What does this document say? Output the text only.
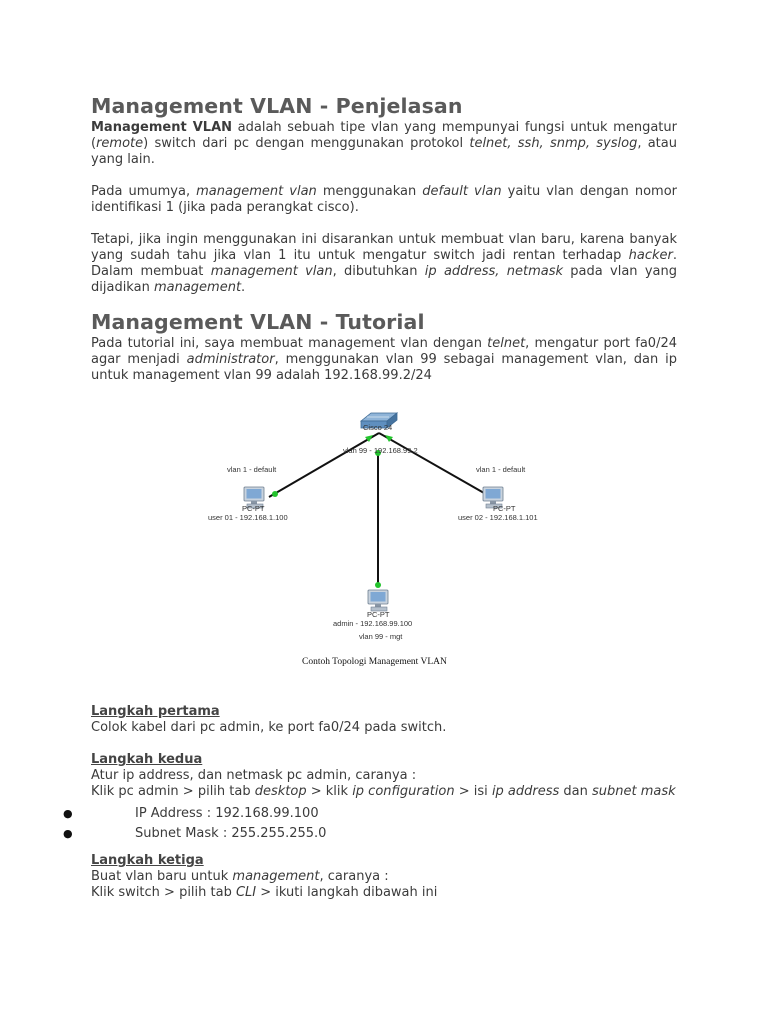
Management VLAN - Penjelasan

Management VLAN adalah sebuah tipe vlan yang mempunyai fungsi untuk mengatur (remote) switch dari pc dengan menggunakan protokol telnet, ssh, snmp, syslog, atau yang lain.

Pada umumya, management vlan menggunakan default vlan yaitu vlan dengan nomor identifikasi 1 (jika pada perangkat cisco).

Tetapi, jika ingin menggunakan ini disarankan untuk membuat vlan baru, karena banyak yang sudah tahu jika vlan 1 itu untuk mengatur switch jadi rentan terhadap hacker. Dalam membuat management vlan, dibutuhkan ip address, netmask pada vlan yang dijadikan management.

Management VLAN - Tutorial

Pada tutorial ini, saya membuat management vlan dengan telnet, mengatur port fa0/24 agar menjadi administrator, menggunakan vlan 99 sebagai management vlan, dan ip untuk management vlan 99 adalah 192.168.99.2/24

Cisco 24
vlan 99 - 192.168.99.2
vlan 1 - default
PC-PT
user 01 - 192.168.1.100
vlan 1 - default
PC-PT
user 02 - 192.168.1.101
PC-PT
admin - 192.168.99.100
vlan 99 - mgt
Contoh Topologi Management VLAN

Langkah pertama

Colok kabel dari pc admin, ke port fa0/24 pada switch.

Langkah kedua

Atur ip address, dan netmask pc admin, caranya :

Klik pc admin > pilih tab desktop > klik ip configuration > isi ip address dan subnet mask

●	IP Address : 192.168.99.100
●	Subnet Mask : 255.255.255.0

Langkah ketiga

Buat vlan baru untuk management, caranya :

Klik switch > pilih tab CLI > ikuti langkah dibawah ini
